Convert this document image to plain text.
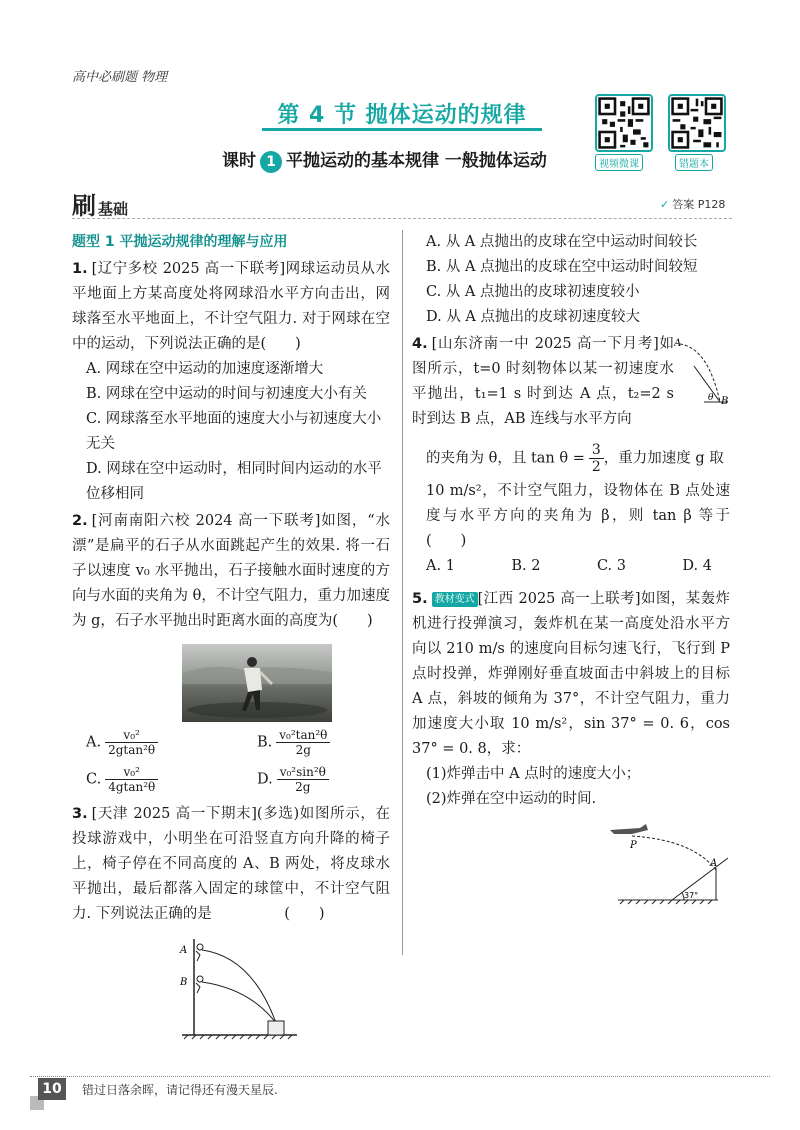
高中必刷题 物理
第 4 节 抛体运动的规律
课时 1 平抛运动的基本规律 一般抛体运动	视频微课	错题本
刷基础	✓ 答案 P128
题型 1 平抛运动规律的理解与应用
1. [辽宁多校 2025 高一下联考]网球运动员从水平地面上方某高度处将网球沿水平方向击出，网球落至水平地面上，不计空气阻力. 对于网球在空中的运动，下列说法正确的是(　　)
A. 网球在空中运动的加速度逐渐增大
B. 网球在空中运动的时间与初速度大小有关
C. 网球落至水平地面的速度大小与初速度大小无关
D. 网球在空中运动时，相同时间内运动的水平位移相同
2. [河南南阳六校 2024 高一下联考]如图，“水漂”是扁平的石子从水面跳起产生的效果. 将一石子以速度 v₀ 水平抛出，石子接触水面时速度的方向与水面的夹角为 θ，不计空气阻力，重力加速度为 g，石子水平抛出时距离水面的高度为(　　)
A. $\frac{\text{v₀²}}{\text{2gtan²θ}}$	B. $\frac{\text{v₀²tan²θ}}{2g}$
C. $\frac{\text{v₀²}}{\text{4gtan²θ}}$	D. $\frac{\text{v₀²sin²θ}}{2g}$
3. [天津 2025 高一下期末](多选)如图所示，在投球游戏中，小明坐在可沿竖直方向升降的椅子上，椅子停在不同高度的 A、B 两处，将皮球水平抛出，最后都落入固定的球筐中，不计空气阻力. 下列说法正确的是　　　　　(　　)
A
B
A. 从 A 点抛出的皮球在空中运动时间较长
B. 从 A 点抛出的皮球在空中运动时间较短
C. 从 A 点抛出的皮球初速度较小
D. 从 A 点抛出的皮球初速度较大
4. [山东济南一中 2025 高一下月考]如图所示，t=0 时刻物体以某一初速度水平抛出，t₁=1 s 时到达 A 点，t₂=2 s 时到达 B 点，AB 连线与水平方向
A
θ B
的夹角为 θ，且 $\tan \theta = \frac{3}{2}$ ，重力加速度 g 取
10 m/s²，不计空气阻力，设物体在 B 点处速度与水平方向的夹角为 β，则 tan β 等于　(　　)
A. 1	B. 2	C. 3	D. 4
5. 教材变式 [江西 2025 高一上联考]如图，某轰炸机进行投弹演习，轰炸机在某一高度处沿水平方向以 210 m/s 的速度向目标匀速飞行，飞行到 P 点时投弹，炸弹刚好垂直坡面击中斜坡上的目标 A 点，斜坡的倾角为 37°，不计空气阻力，重力加速度大小取 10 m/s²，sin 37° = 0. 6，cos 37° = 0. 8，求：
(1)炸弹击中 A 点时的速度大小；
(2)炸弹在空中运动的时间.
P
A
37°
10	错过日落余晖，请记得还有漫天星辰.
